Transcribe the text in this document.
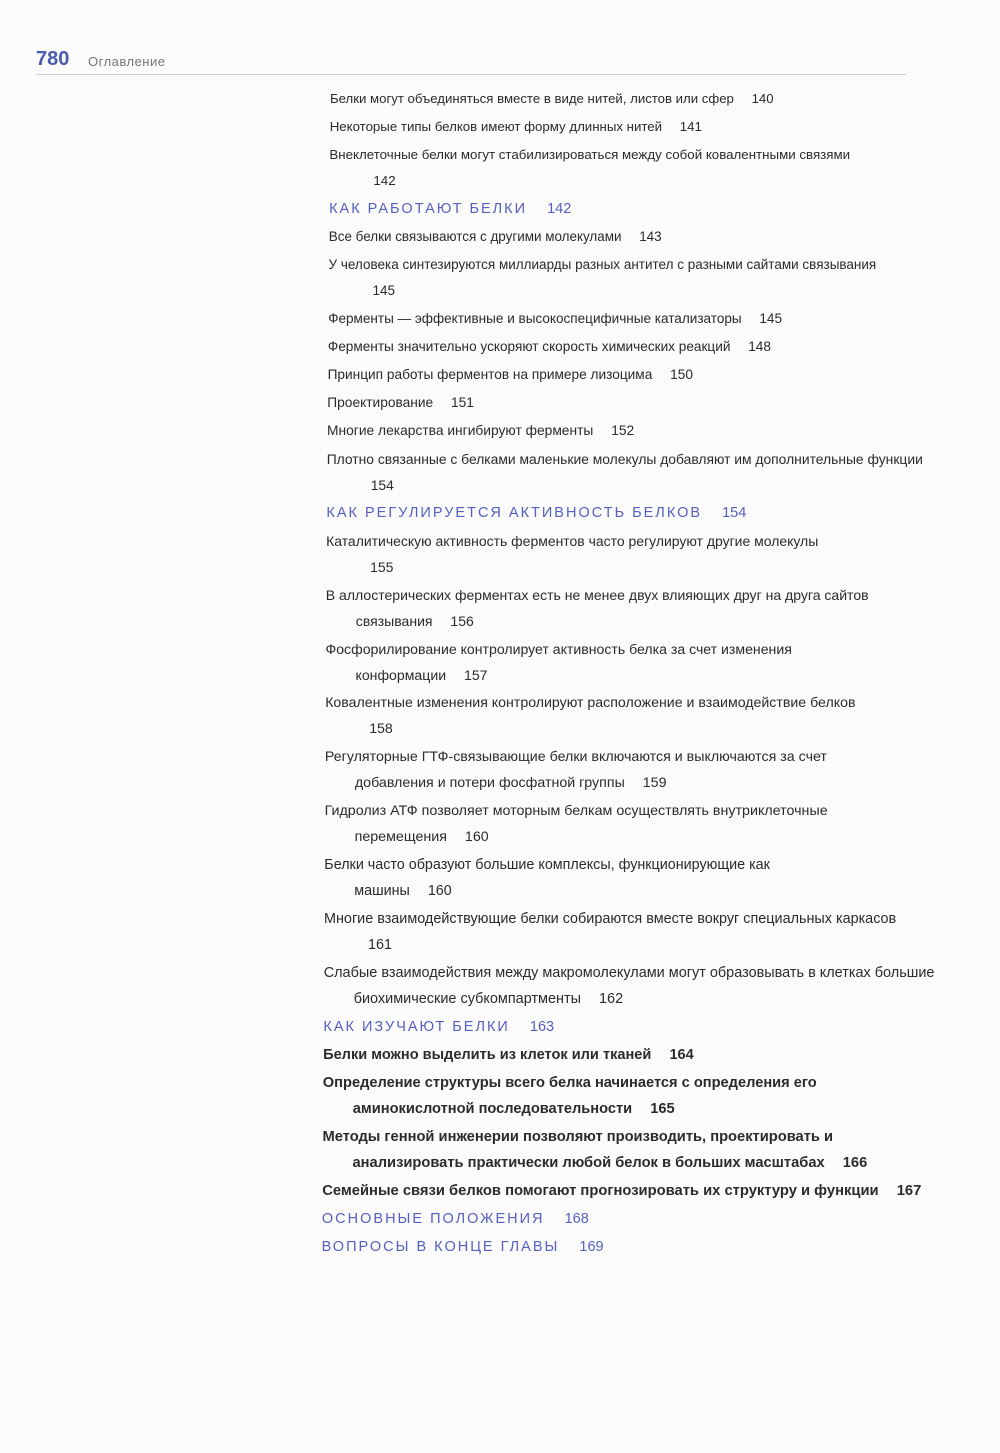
780 Оглавление
Белки могут объединяться вместе в виде нитей, листов или сфер 140
Некоторые типы белков имеют форму длинных нитей 141
Внеклеточные белки могут стабилизироваться между собой ковалентными связями 142
КАК РАБОТАЮТ БЕЛКИ 142
Все белки связываются с другими молекулами 143
У человека синтезируются миллиарды разных антител с разными сайтами связывания 145
Ферменты — эффективные и высокоспецифичные катализаторы 145
Ферменты значительно ускоряют скорость химических реакций 148
Принцип работы ферментов на примере лизоцима 150
Проектирование 151
Многие лекарства ингибируют ферменты 152
Плотно связанные с белками маленькие молекулы добавляют им дополнительные функции 154
КАК РЕГУЛИРУЕТСЯ АКТИВНОСТЬ БЕЛКОВ 154
Каталитическую активность ферментов часто регулируют другие молекулы 155
В аллостерических ферментах есть не менее двух влияющих друг на друга сайтов связывания 156
Фосфорилирование контролирует активность белка за счет изменения конформации 157
Ковалентные изменения контролируют расположение и взаимодействие белков 158
Регуляторные ГТФ-связывающие белки включаются и выключаются за счет добавления и потери фосфатной группы 159
Гидролиз АТФ позволяет моторным белкам осуществлять внутриклеточные перемещения 160
Белки часто образуют большие комплексы, функционирующие как машины 160
Многие взаимодействующие белки собираются вместе вокруг специальных каркасов 161
Слабые взаимодействия между макромолекулами могут образовывать в клетках большие биохимические субкомпартменты 162
КАК ИЗУЧАЮТ БЕЛКИ 163
Белки можно выделить из клеток или тканей 164
Определение структуры всего белка начинается с определения его аминокислотной последовательности 165
Методы генной инженерии позволяют производить, проектировать и анализировать практически любой белок в больших масштабах 166
Семейные связи белков помогают прогнозировать их структуру и функции 167
ОСНОВНЫЕ ПОЛОЖЕНИЯ 168
ВОПРОСЫ В КОНЦЕ ГЛАВЫ 169
